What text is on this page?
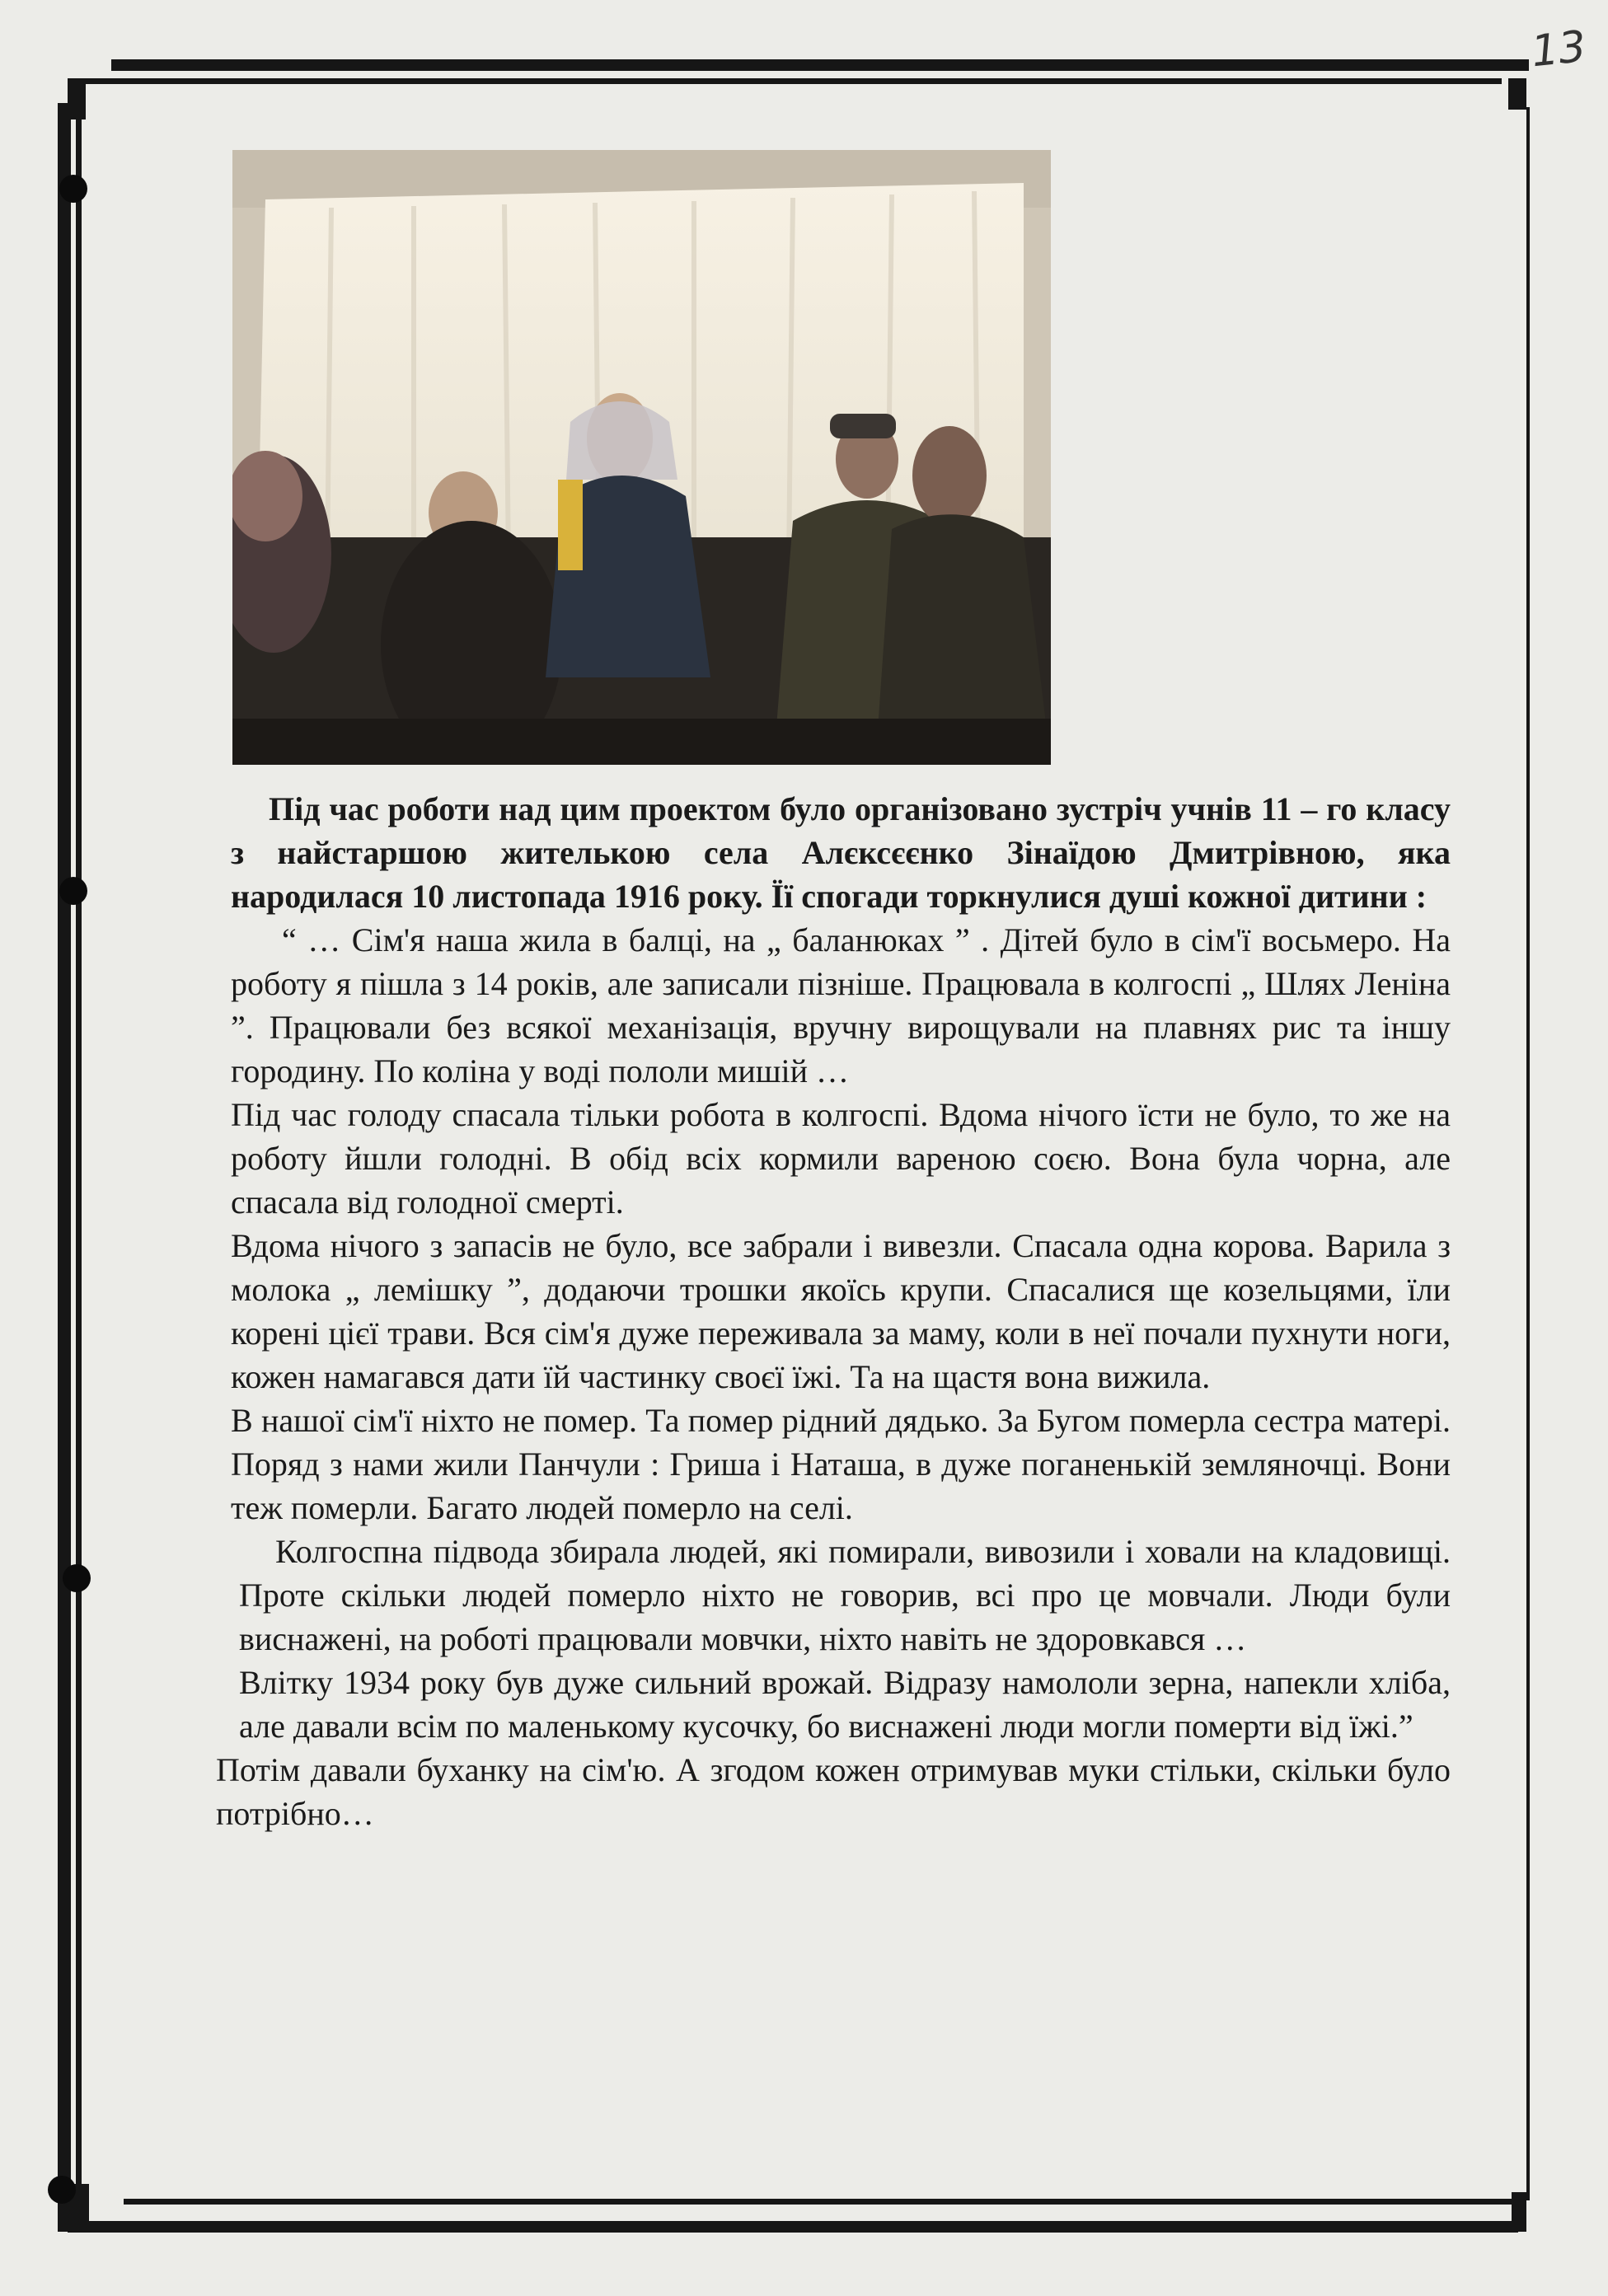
13

Під час роботи над цим проектом було організовано зустріч учнів 11 – го класу з найстаршою жителькою села Алєксєєнко Зінаїдою Дмитрівною, яка народилася 10 листопада 1916 року. Її спогади торкнулися душі кожної дитини :

“ … Сім'я наша жила в балці, на „ баланюках ” . Дітей було в сім'ї восьмеро. На роботу я пішла з 14 років, але записали пізніше. Працювала в колгоспі „ Шлях Леніна ”. Працювали без всякої механізація, вручну вирощували на плавнях рис та іншу городину. По коліна у воді пололи мишій …

Під час голоду спасала тільки робота в колгоспі. Вдома нічого їсти не було, то же на роботу йшли голодні. В обід всіх кормили вареною соєю. Вона була чорна, але спасала від голодної смерті.

Вдома нічого з запасів не було, все забрали і вивезли. Спасала одна корова. Варила з молока „ лемішку ”, додаючи трошки якоїсь крупи. Спасалися ще козельцями, їли корені цієї трави. Вся сім'я дуже переживала за маму, коли в неї почали пухнути ноги, кожен намагався дати їй частинку своєї їжі. Та на щастя вона вижила.

В нашої сім'ї ніхто не помер. Та помер рідний дядько. За Бугом померла сестра матері. Поряд з нами жили Панчули : Гриша і Наташа, в дуже поганенькій земляночці. Вони теж померли. Багато людей померло на селі.

Колгоспна підвода збирала людей, які помирали, вивозили і ховали на кладовищі. Проте скільки людей померло ніхто не говорив, всі про це мовчали. Люди були виснажені, на роботі працювали мовчки, ніхто навіть не здоровкався …

Влітку 1934 року був дуже сильний врожай. Відразу намололи зерна, напекли хліба, але давали всім по маленькому кусочку, бо виснажені люди могли померти від їжі.”

Потім давали буханку на сім'ю. А згодом кожен отримував муки стільки, скільки було потрібно…
